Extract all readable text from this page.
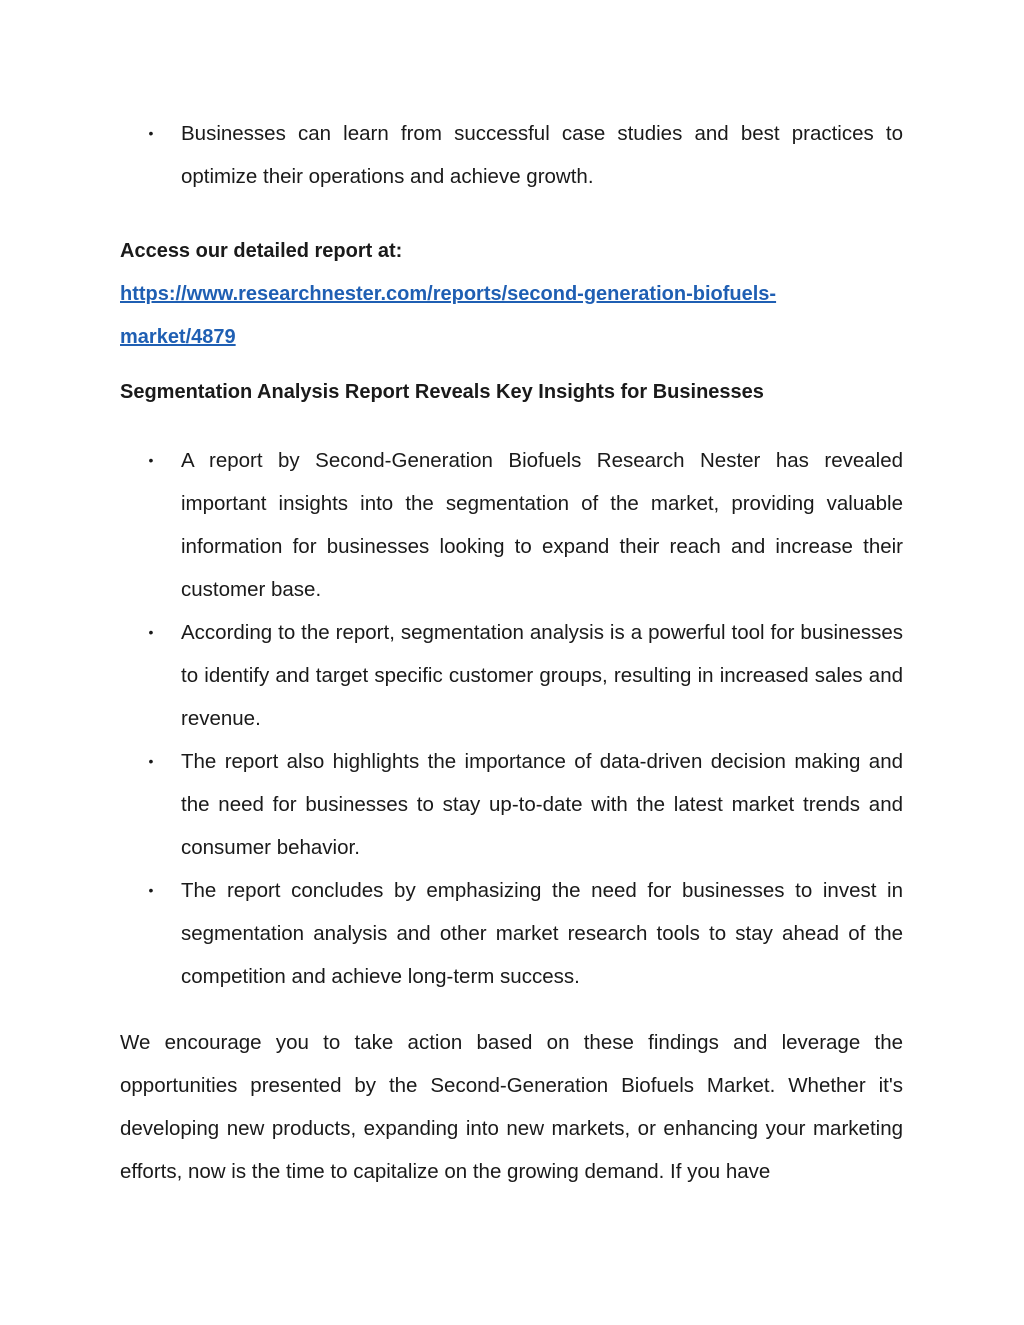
• Businesses can learn from successful case studies and best practices to optimize their operations and achieve growth.

Access our detailed report at:

https://www.researchnester.com/reports/second-generation-biofuels-
market/4879

Segmentation Analysis Report Reveals Key Insights for Businesses

• A report by Second-Generation Biofuels Research Nester has revealed important insights into the segmentation of the market, providing valuable information for businesses looking to expand their reach and increase their customer base.
• According to the report, segmentation analysis is a powerful tool for businesses to identify and target specific customer groups, resulting in increased sales and revenue.
• The report also highlights the importance of data-driven decision making and the need for businesses to stay up-to-date with the latest market trends and consumer behavior.
• The report concludes by emphasizing the need for businesses to invest in segmentation analysis and other market research tools to stay ahead of the competition and achieve long-term success.

We encourage you to take action based on these findings and leverage the opportunities presented by the Second-Generation Biofuels Market. Whether it's developing new products, expanding into new markets, or enhancing your marketing efforts, now is the time to capitalize on the growing demand. If you have
